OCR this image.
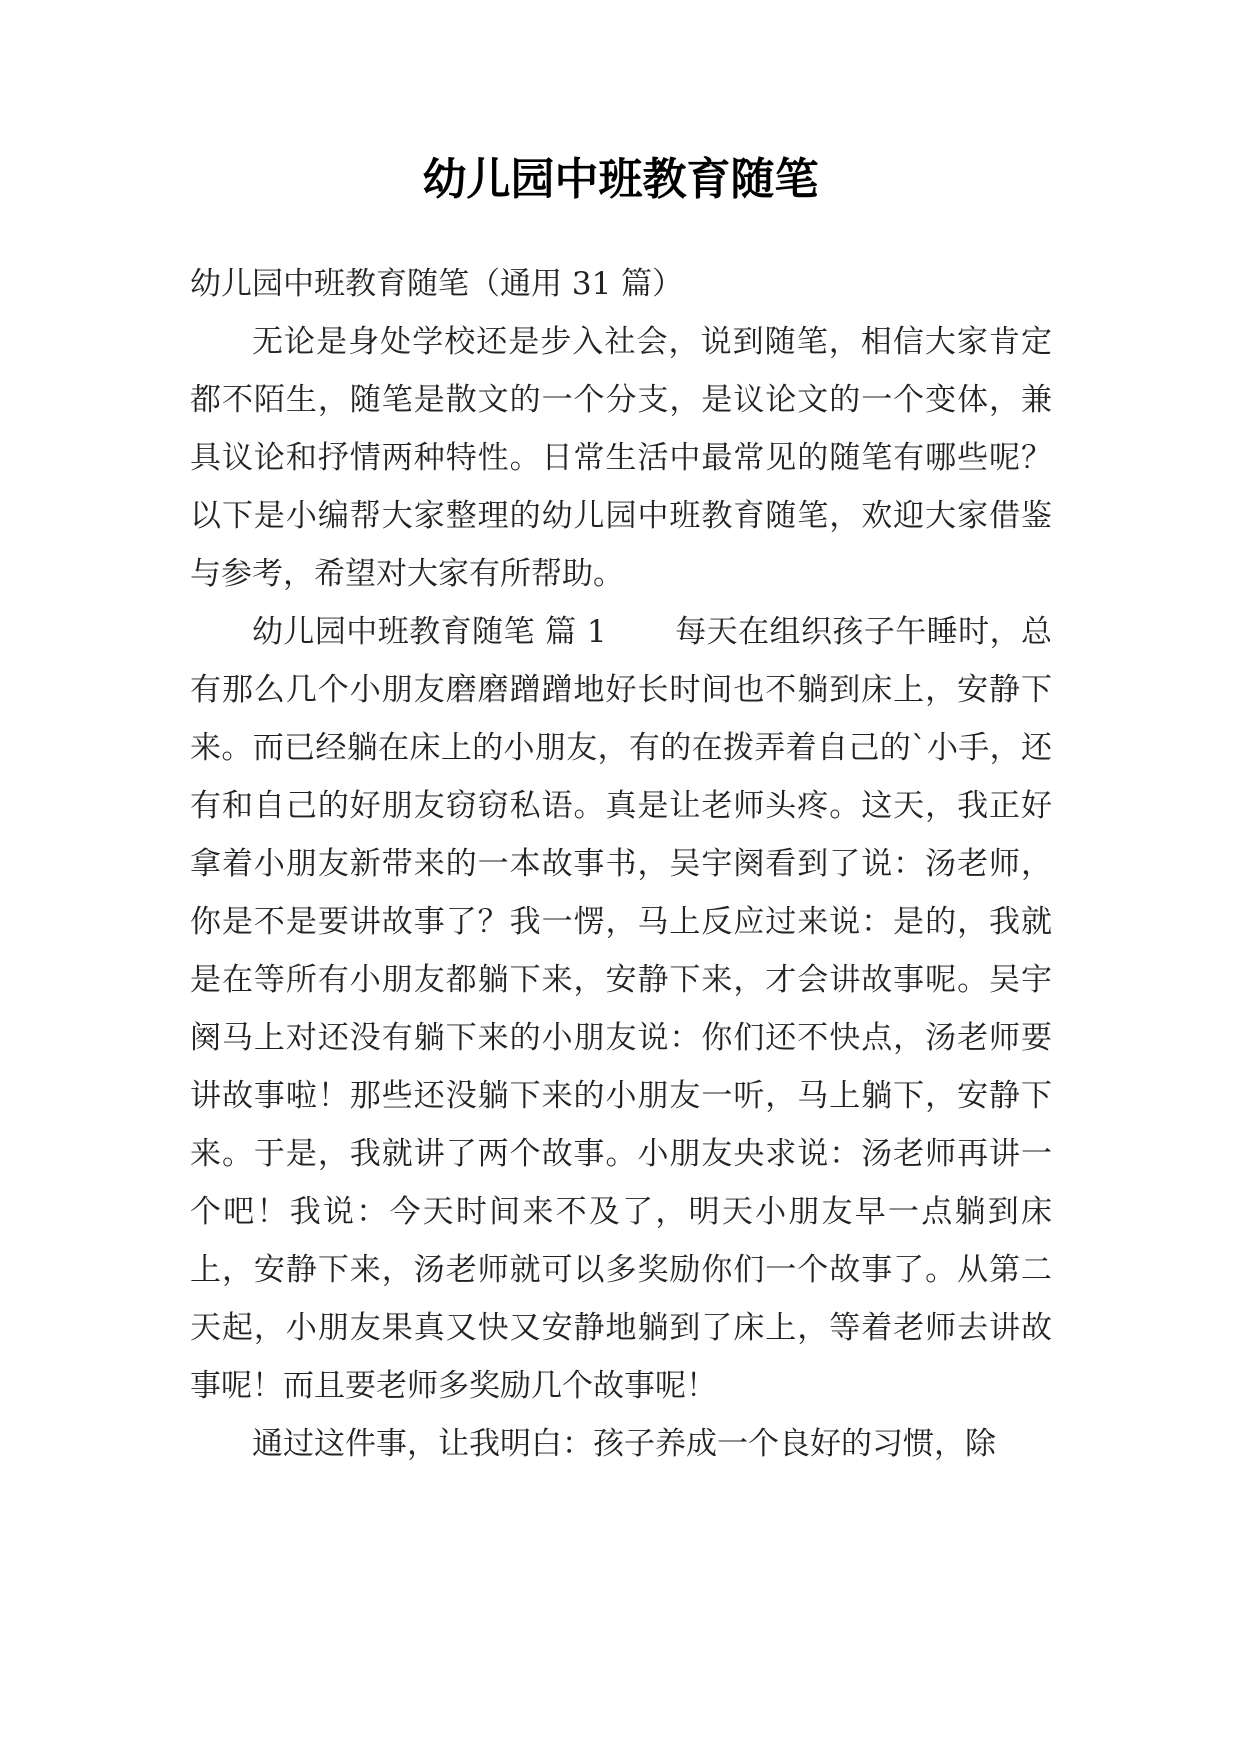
幼儿园中班教育随笔

幼儿园中班教育随笔（通用 31 篇）

无论是身处学校还是步入社会，说到随笔，相信大家肯定都不陌生，随笔是散文的一个分支，是议论文的一个变体，兼具议论和抒情两种特性。日常生活中最常见的随笔有哪些呢？以下是小编帮大家整理的幼儿园中班教育随笔，欢迎大家借鉴与参考，希望对大家有所帮助。

幼儿园中班教育随笔 篇 1 每天在组织孩子午睡时，总有那么几个小朋友磨磨蹭蹭地好长时间也不躺到床上，安静下来。而已经躺在床上的小朋友，有的在拨弄着自己的`小手，还有和自己的好朋友窃窃私语。真是让老师头疼。这天，我正好拿着小朋友新带来的一本故事书，吴宇阕看到了说：汤老师，你是不是要讲故事了？我一愣，马上反应过来说：是的，我就是在等所有小朋友都躺下来，安静下来，才会讲故事呢。吴宇阕马上对还没有躺下来的小朋友说：你们还不快点，汤老师要讲故事啦！那些还没躺下来的小朋友一听，马上躺下，安静下来。于是，我就讲了两个故事。小朋友央求说：汤老师再讲一个吧！我说：今天时间来不及了，明天小朋友早一点躺到床上，安静下来，汤老师就可以多奖励你们一个故事了。从第二天起，小朋友果真又快又安静地躺到了床上，等着老师去讲故事呢！而且要老师多奖励几个故事呢！

通过这件事，让我明白：孩子养成一个良好的习惯，除
